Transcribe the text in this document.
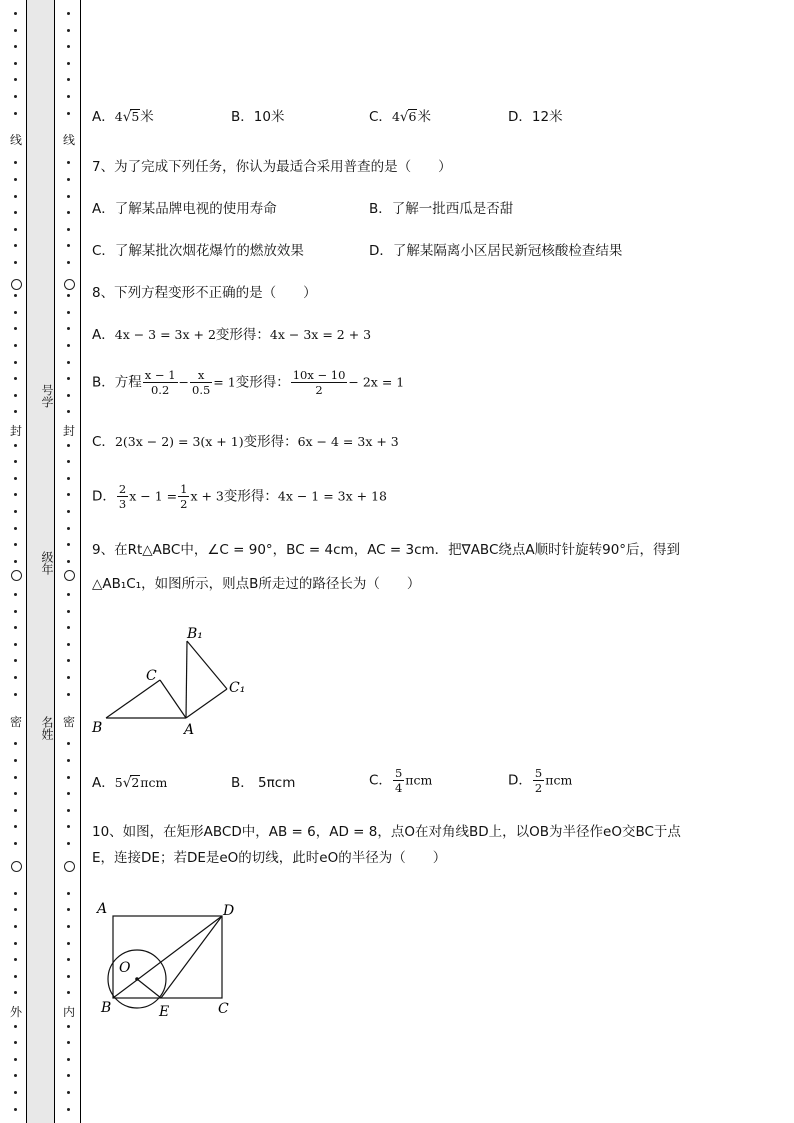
线
封
密
外
线
封
密
内
号学
级年
名姓
A．4√5米	B．10米	C．4√6米	D．12米
7、为了完成下列任务，你认为最适合采用普查的是（　　）
A．了解某品牌电视的使用寿命	B．了解一批西瓜是否甜
C．了解某批次烟花爆竹的燃放效果	D．了解某隔离小区居民新冠核酸检查结果
8、下列方程变形不正确的是（　　）
A．4x − 3 = 3x + 2变形得：4x − 3x = 2 + 3
B．方程 $\frac{x - 1}{0.2} - \frac{x}{0.5} = 1$变形得： $\frac{10x - 10}{2} - 2x = 1$
C．2(3x − 2) = 3(x + 1)变形得：6x − 4 = 3x + 3
D． $\frac{2}{3}$ $x - 1 = \frac{1}{2}$ x + 3变形得：4x − 1 = 3x + 18
9、在Rt△ABC中，∠C = 90°，BC = 4cm，AC = 3cm．把∇ABC绕点A顺时针旋转90°后，得到
△AB₁C₁，如图所示，则点B所走过的路径长为（　　）
B₁
C
C₁
B	A
A．5√2πcm	B． 5πcm	C． $\frac{5}{4}$ πcm	D． $\frac{5}{2}$ πcm
10、如图，在矩形ABCD中，AB = 6，AD = 8，点O在对角线BD上，以OB为半径作eO交BC于点
E，连接DE；若DE是eO的切线，此时eO的半径为（　　）
A	D
O
B	E	C
